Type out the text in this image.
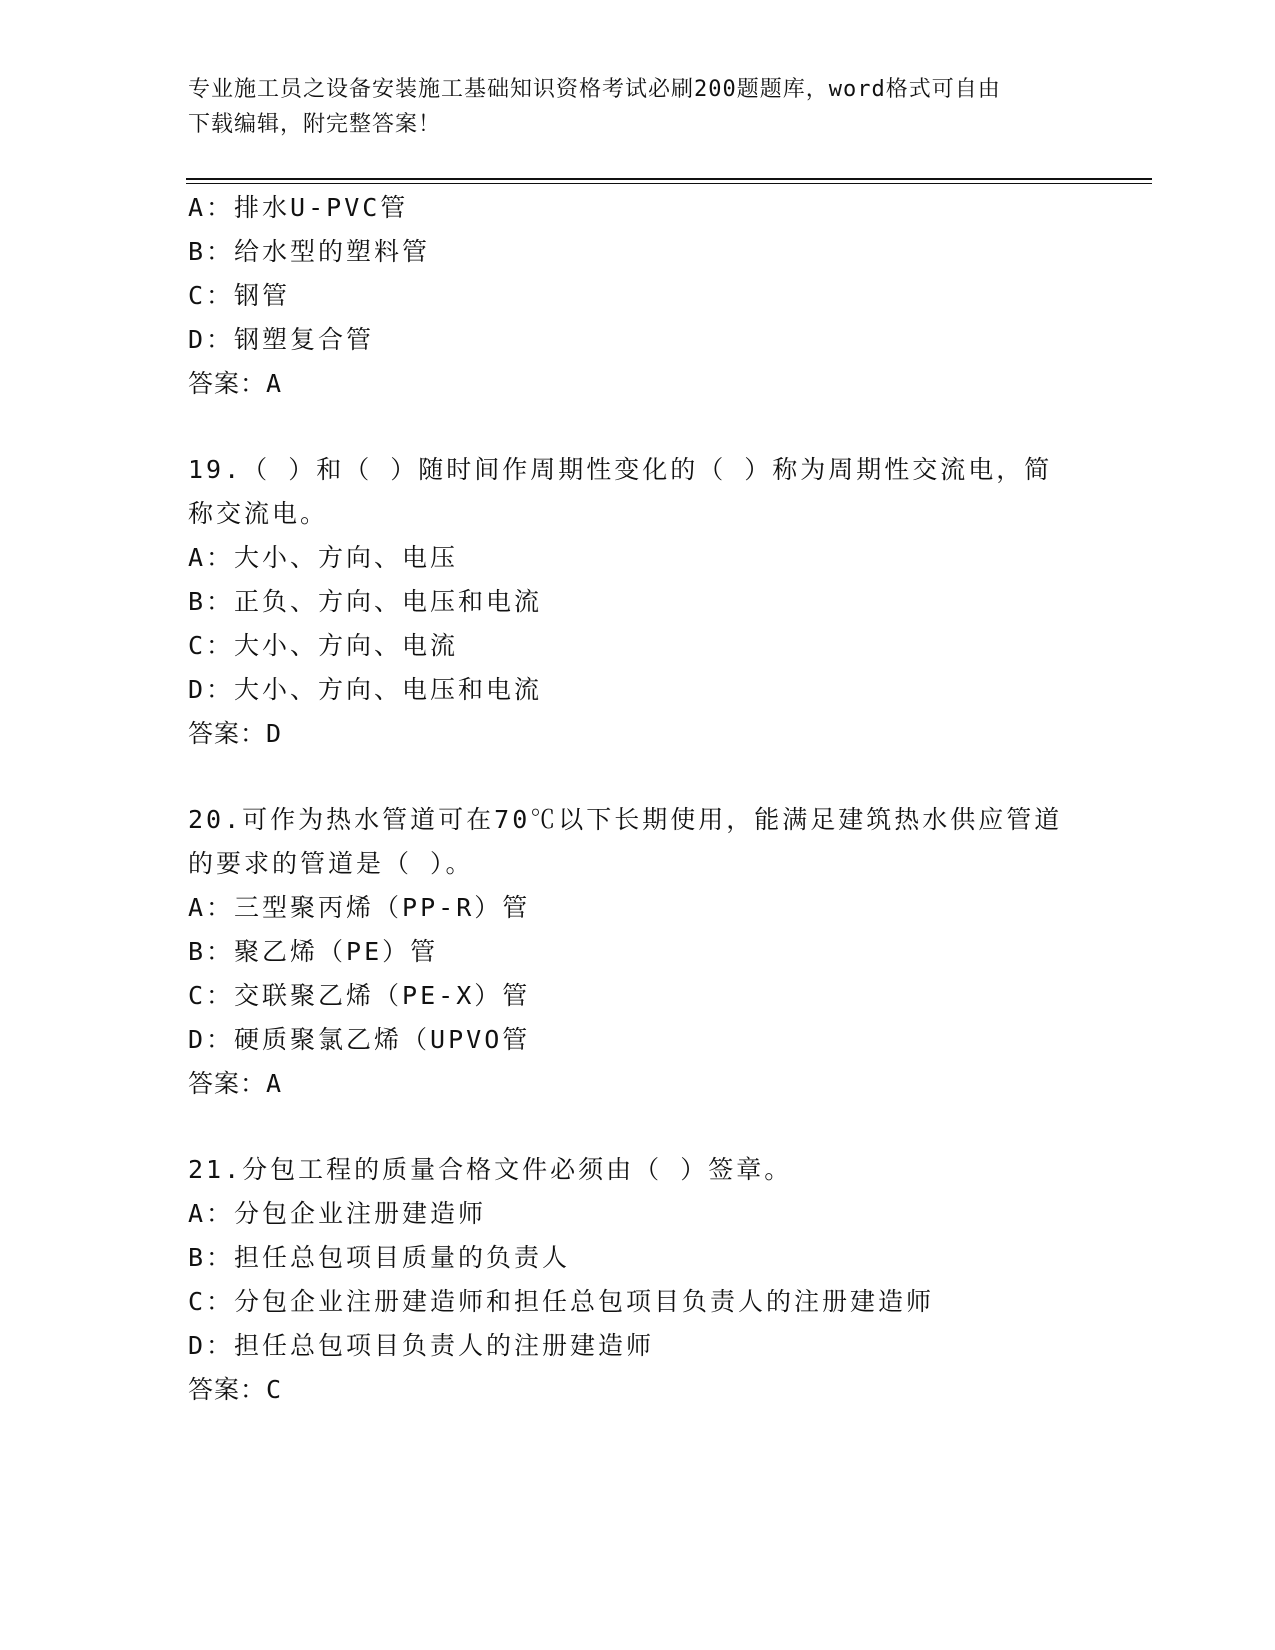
专业施工员之设备安装施工基础知识资格考试必刷200题题库，word格式可自由
下载编辑，附完整答案！
A：排水U-PVC管
B：给水型的塑料管
C：钢管
D：钢塑复合管
答案：A
19.（ ）和（ ）随时间作周期性变化的（ ）称为周期性交流电，简
称交流电。
A：大小、方向、电压
B：正负、方向、电压和电流
C：大小、方向、电流
D：大小、方向、电压和电流
答案：D
20.可作为热水管道可在70℃以下长期使用，能满足建筑热水供应管道
的要求的管道是（ ）。
A：三型聚丙烯（PP-R）管
B：聚乙烯（PE）管
C：交联聚乙烯（PE-X）管
D：硬质聚氯乙烯（UPVO管
答案：A
21.分包工程的质量合格文件必须由（ ）签章。
A：分包企业注册建造师
B：担任总包项目质量的负责人
C：分包企业注册建造师和担任总包项目负责人的注册建造师
D：担任总包项目负责人的注册建造师
答案：C
